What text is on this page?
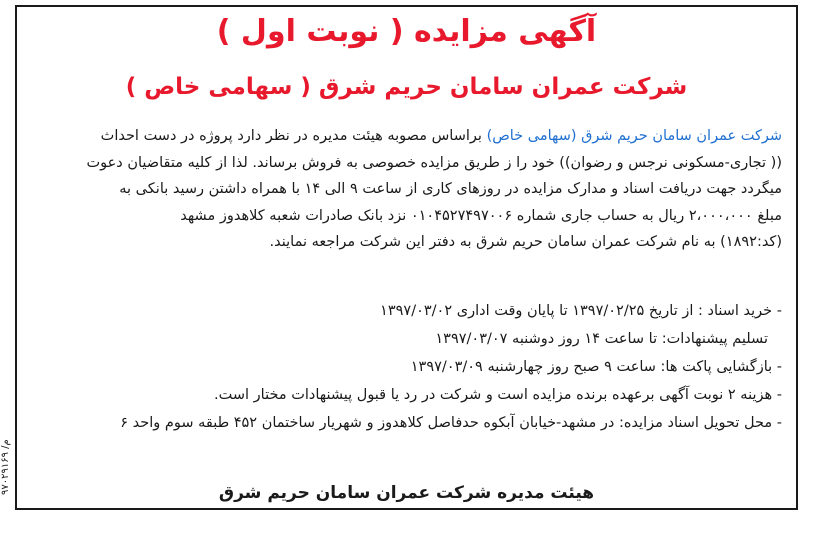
آگهی مزایده ( نوبت اول )
شرکت عمران سامان حریم شرق ( سهامی خاص )
شرکت عمران سامان حریم شرق (سهامی خاص) براساس مصوبه هیئت مدیره در نظر دارد پروژه در دست احداث
(( تجاری-مسکونی نرجس و رضوان)) خود را ز طریق مزایده خصوصی به فروش برساند. لذا از کلیه متقاضیان دعوت
میگردد جهت دریافت اسناد و مدارک مزایده در روزهای کاری از ساعت ۹ الی ۱۴ با همراه داشتن رسید بانکی به
مبلغ ۲،۰۰۰،۰۰۰ ریال به حساب جاری شماره ۰۱۰۴۵۲۷۴۹۷۰۰۶ نزد بانک صادرات شعبه کلاهدوز مشهد
(کد:۱۸۹۲) به نام شرکت عمران سامان حریم شرق به دفتر این شرکت مراجعه نمایند.
- خرید اسناد : از تاریخ ۱۳۹۷/۰۲/۲۵ تا پایان وقت اداری ۱۳۹۷/۰۳/۰۲
تسلیم پیشنهادات: تا ساعت ۱۴ روز دوشنبه ۱۳۹۷/۰۳/۰۷
- بازگشایی پاکت ها: ساعت ۹ صبح روز چهارشنبه ۱۳۹۷/۰۳/۰۹
- هزینه ۲ نوبت آگهی برعهده برنده مزایده است و شرکت در رد یا قبول پیشنهادات مختار است.
- محل تحویل اسناد مزایده: در مشهد-خیابان آبکوه حدفاصل کلاهدوز و شهریار ساختمان ۴۵۲ طبقه سوم واحد ۶
هیئت مدیره شرکت عمران سامان حریم شرق
م/ ۹۷۰۲۹۱۶۹
